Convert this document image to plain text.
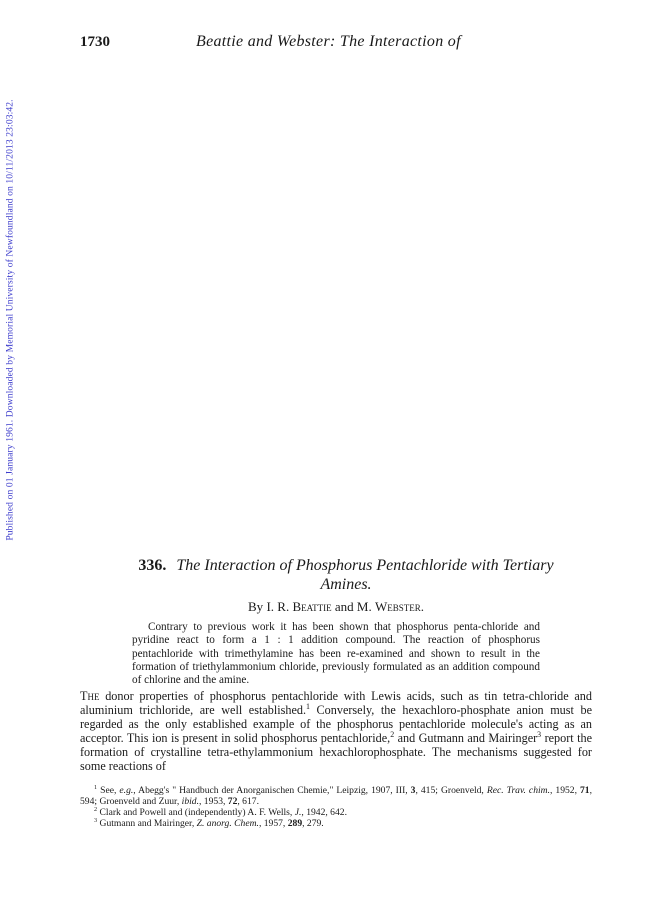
Published on 01 January 1961. Downloaded by Memorial University of Newfoundland on 10/11/2013 23:03:42.
1730	Beattie and Webster: The Interaction of
336. The Interaction of Phosphorus Pentachloride with Tertiary
Amines.
By I. R. Beattie and M. Webster.

Contrary to previous work it has been shown that phosphorus penta-chloride and pyridine react to form a 1 : 1 addition compound. The reaction of phosphorus pentachloride with trimethylamine has been re-examined and shown to result in the formation of triethylammonium chloride, previously formulated as an addition compound of chlorine and the amine.

The donor properties of phosphorus pentachloride with Lewis acids, such as tin tetra-chloride and aluminium trichloride, are well established.$^1$ Conversely, the hexachloro-phosphate anion must be regarded as the only established example of the phosphorus pentachloride molecule's acting as an acceptor. This ion is present in solid phosphorus pentachloride,$^2$ and Gutmann and Mairinger$^3$ report the formation of crystalline tetra-ethylammonium hexachlorophosphate. The mechanisms suggested for some reactions of

$^1$ See, e.g., Abegg's " Handbuch der Anorganischen Chemie," Leipzig, 1907, III, 3, 415; Groenveld, Rec. Trav. chim., 1952, 71, 594; Groenveld and Zuur, ibid., 1953, 72, 617.

$^2$ Clark and Powell and (independently) A. F. Wells, J., 1942, 642.

$^3$ Gutmann and Mairinger, Z. anorg. Chem., 1957, 289, 279.
